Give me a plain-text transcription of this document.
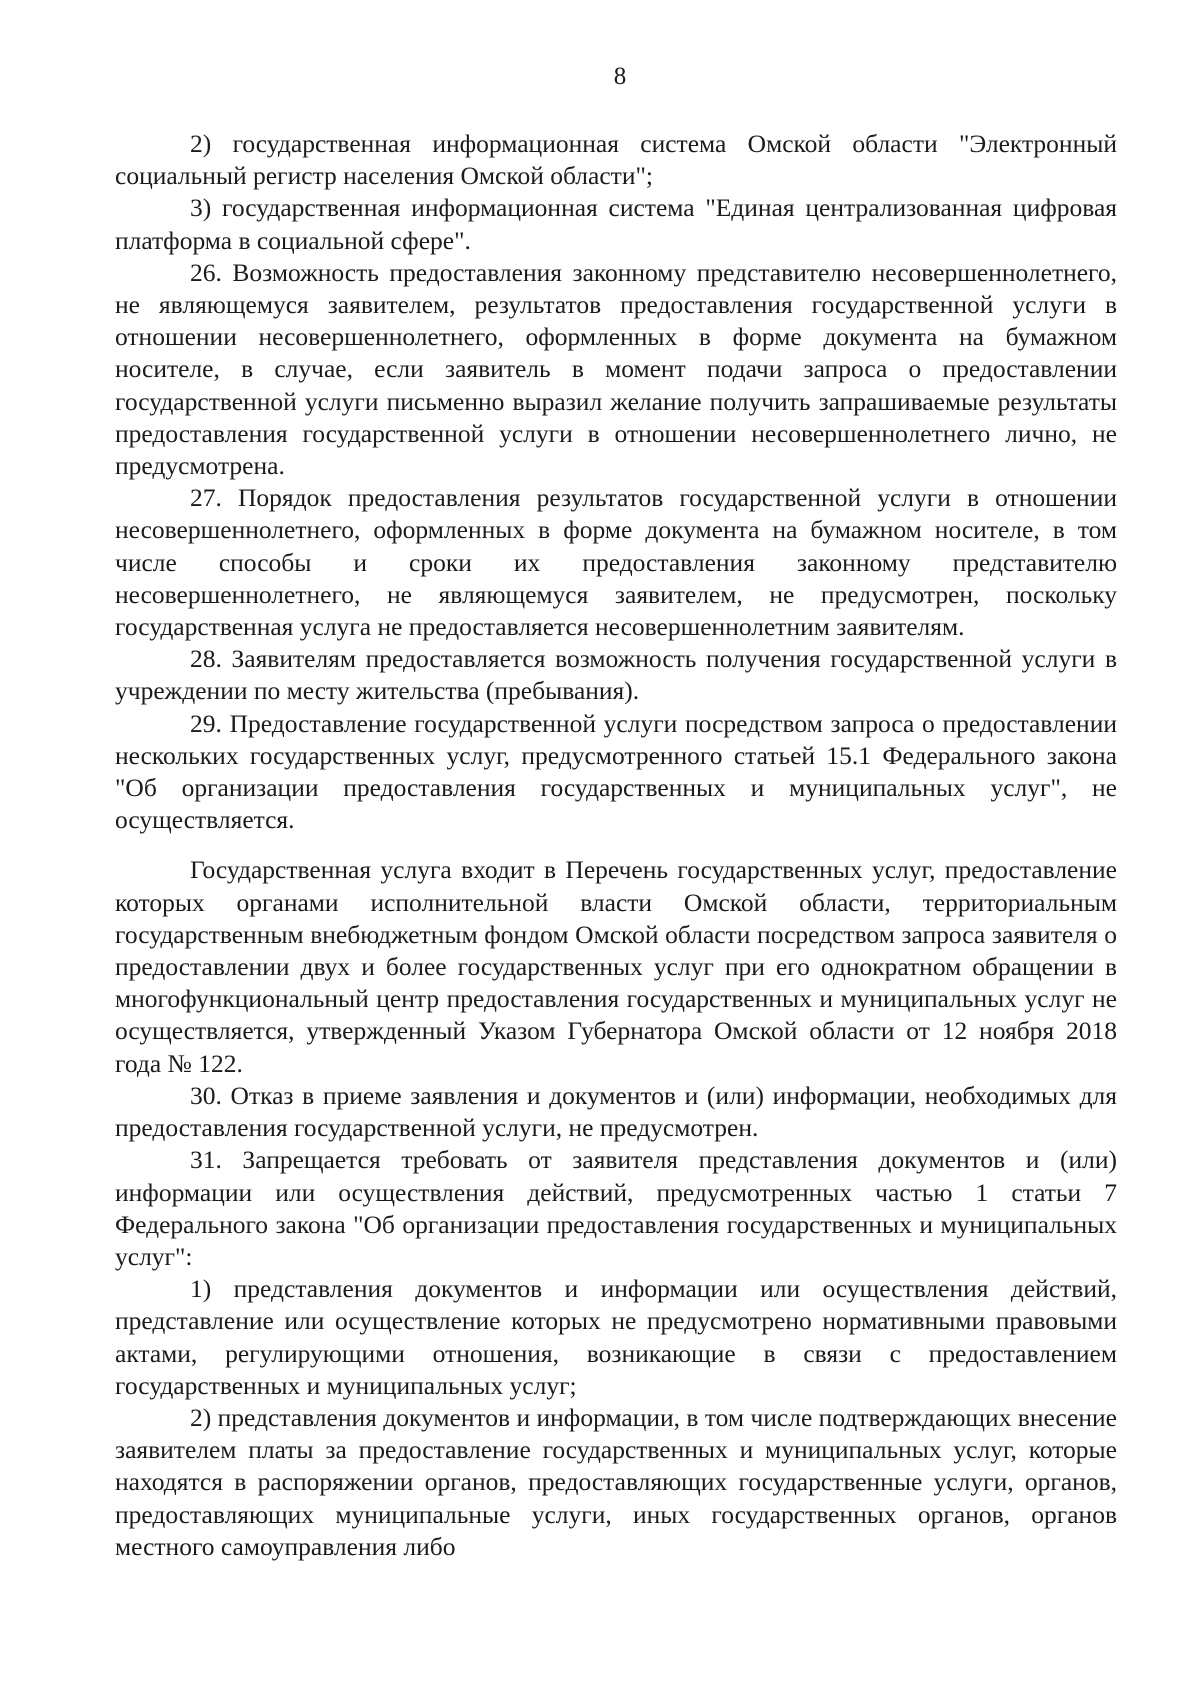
8

2) государственная информационная система Омской области "Электронный социальный регистр населения Омской области";

3) государственная информационная система "Единая централизованная цифровая платформа в социальной сфере".

26. Возможность предоставления законному представителю несовершеннолетнего, не являющемуся заявителем, результатов предоставления государственной услуги в отношении несовершеннолетнего, оформленных в форме документа на бумажном носителе, в случае, если заявитель в момент подачи запроса о предоставлении государственной услуги письменно выразил желание получить запрашиваемые результаты предоставления государственной услуги в отношении несовершеннолетнего лично, не предусмотрена.

27. Порядок предоставления результатов государственной услуги в отношении несовершеннолетнего, оформленных в форме документа на бумажном носителе, в том числе способы и сроки их предоставления законному представителю несовершеннолетнего, не являющемуся заявителем, не предусмотрен, поскольку государственная услуга не предоставляется несовершеннолетним заявителям.

28. Заявителям предоставляется возможность получения государственной услуги в учреждении по месту жительства (пребывания).

29. Предоставление государственной услуги посредством запроса о предоставлении нескольких государственных услуг, предусмотренного статьей 15.1 Федерального закона "Об организации предоставления государственных и муниципальных услуг", не осуществляется.

Государственная услуга входит в Перечень государственных услуг, предоставление которых органами исполнительной власти Омской области, территориальным государственным внебюджетным фондом Омской области посредством запроса заявителя о предоставлении двух и более государственных услуг при его однократном обращении в многофункциональный центр предоставления государственных и муниципальных услуг не осуществляется, утвержденный Указом Губернатора Омской области от 12 ноября 2018 года № 122.

30. Отказ в приеме заявления и документов и (или) информации, необходимых для предоставления государственной услуги, не предусмотрен.

31. Запрещается требовать от заявителя представления документов и (или) информации или осуществления действий, предусмотренных частью 1 статьи 7 Федерального закона "Об организации предоставления государственных и муниципальных услуг":

1) представления документов и информации или осуществления действий, представление или осуществление которых не предусмотрено нормативными правовыми актами, регулирующими отношения, возникающие в связи с предоставлением государственных и муниципальных услуг;

2) представления документов и информации, в том числе подтверждающих внесение заявителем платы за предоставление государственных и муниципальных услуг, которые находятся в распоряжении органов, предоставляющих государственные услуги, органов, предоставляющих муниципальные услуги, иных государственных органов, органов местного самоуправления либо
